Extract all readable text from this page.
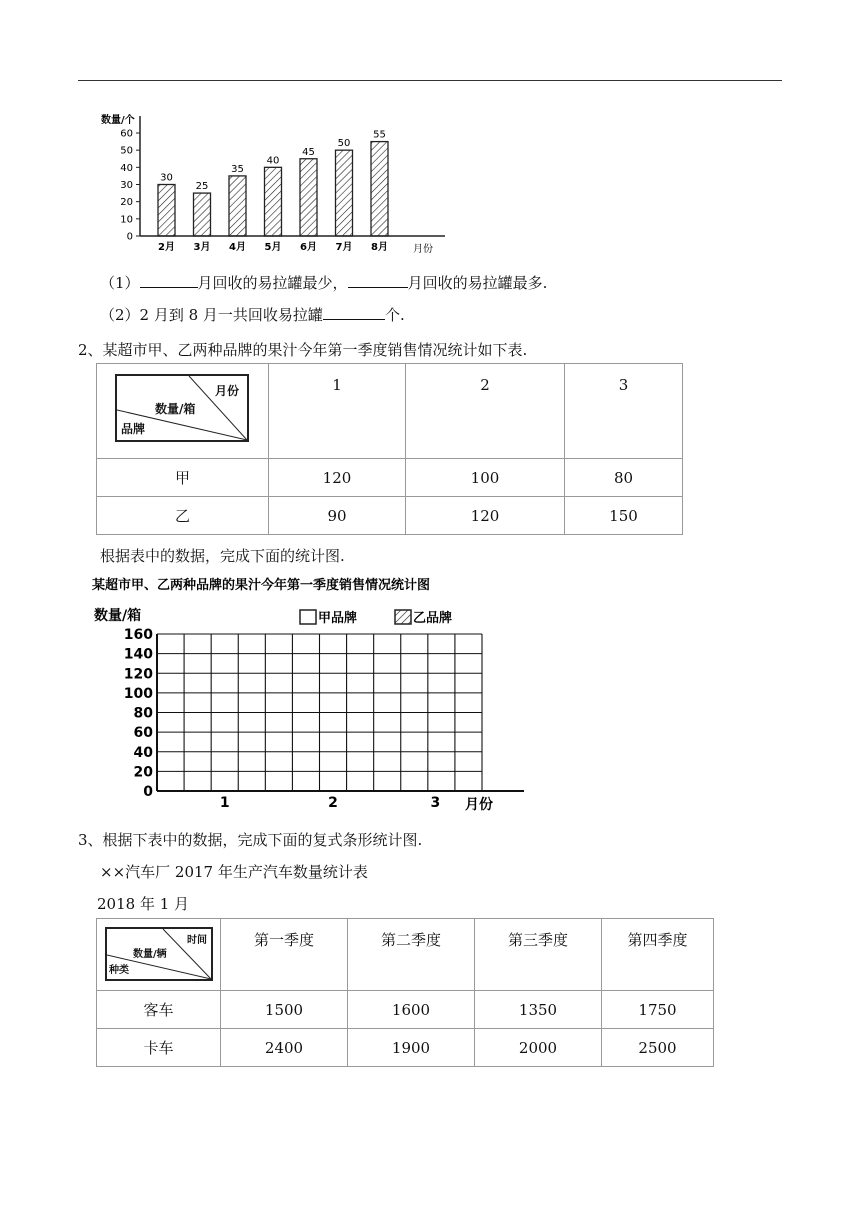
数量/个
0
10
20
30
40
50
60
30
2月
25
3月
35
4月
40
5月
45
6月
50
7月
55
8月	月份
（1）	月回收的易拉罐最少，	月回收的易拉罐最多.
（2）2 月到 8 月一共回收易拉罐	个.
2、某超市甲、乙两种品牌的果汁今年第一季度销售情况统计如下表.
月份
数量/箱
品牌	1	2	3
甲	120	100	80
乙	90	120	150
根据表中的数据，完成下面的统计图.
某超市甲、乙两种品牌的果汁今年第一季度销售情况统计图
数量/箱	甲品牌	乙品牌
0
20
40
60
80
100
120
140
160
1	2	3 月份
3、根据下表中的数据，完成下面的复式条形统计图.
××汽车厂 2017 年生产汽车数量统计表
2018 年 1 月
时间
数量/辆
种类	第一季度	第二季度	第三季度	第四季度
客车	1500	1600	1350	1750
卡车	2400	1900	2000	2500
